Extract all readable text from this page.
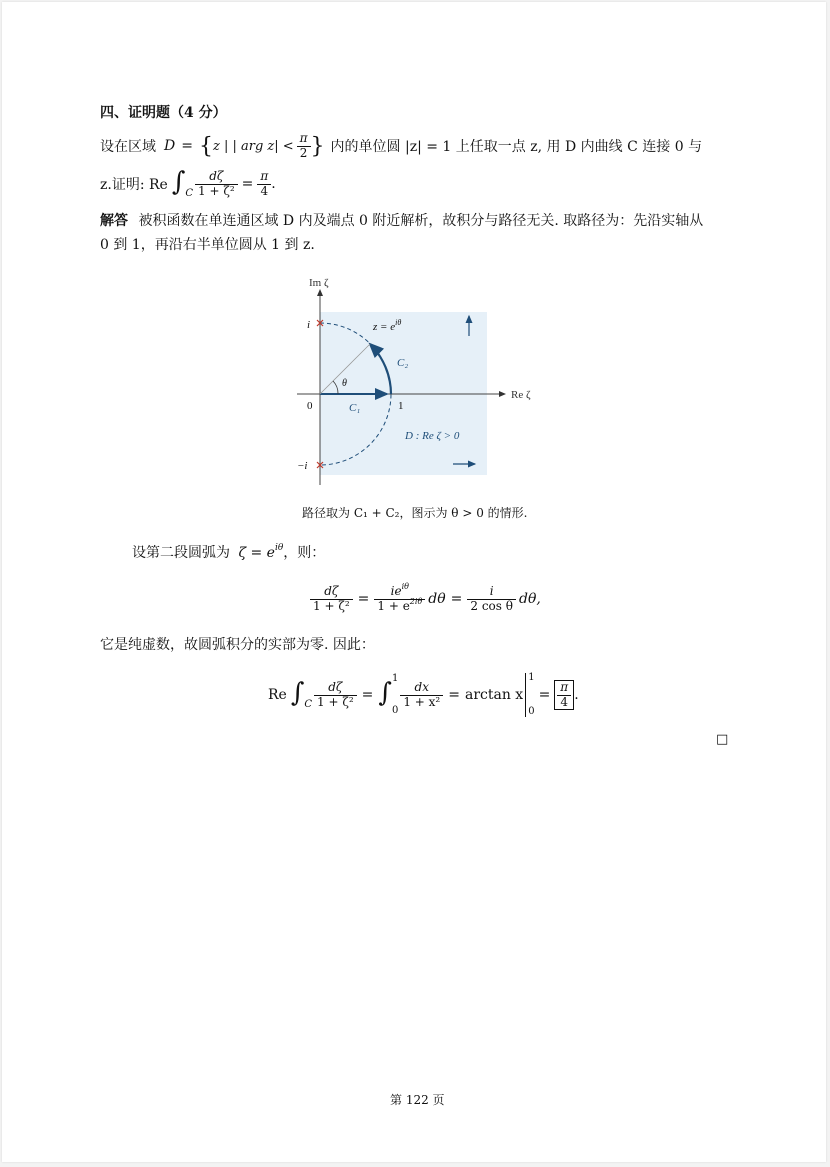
四、证明题（4 分）
设在区域 D = { z | | arg $z| < \frac{\pi}{2}$ } 内的单位圆 |z| = 1 上任取一点 z, 用 D 内曲线 C 连接 0 与
z.证明: Re ∫ C $\frac{d\zeta}{\text{1 + ζ²}} = \frac{\pi}{4}$ .
解答 被积函数在单连通区域 D 内及端点 0 附近解析，故积分与路径无关. 取路径为：先沿实轴从
0 到 1，再沿右半单位圆从 1 到 z.
Im ζ
Re ζ
i
−i
0	1
θ
C₁
C₂
$z = e^{i\theta}$
D : Re ζ > 0
路径取为 C₁ + C₂，图示为 θ > 0 的情形.
设第二段圆弧为 $\zeta = e^{i\theta}$，则：
$\frac{d\zeta}{\text{1 + ζ²}} = \frac{ie^{i\theta}}{1 + e^{2i\theta}}$ $d\theta = \frac{i}{\text{2 cos θ}} d\theta$,
它是纯虚数，故圆弧积分的实部为零. 因此：
Re ∫ C $\frac{d\zeta}{\text{1 + ζ²}}$ = ∫ 1
0
$\frac{dx}{\text{1 + x²}} = \arctan x$
1
0
= $\frac{\pi}{4}$ .
□
第 122 页
